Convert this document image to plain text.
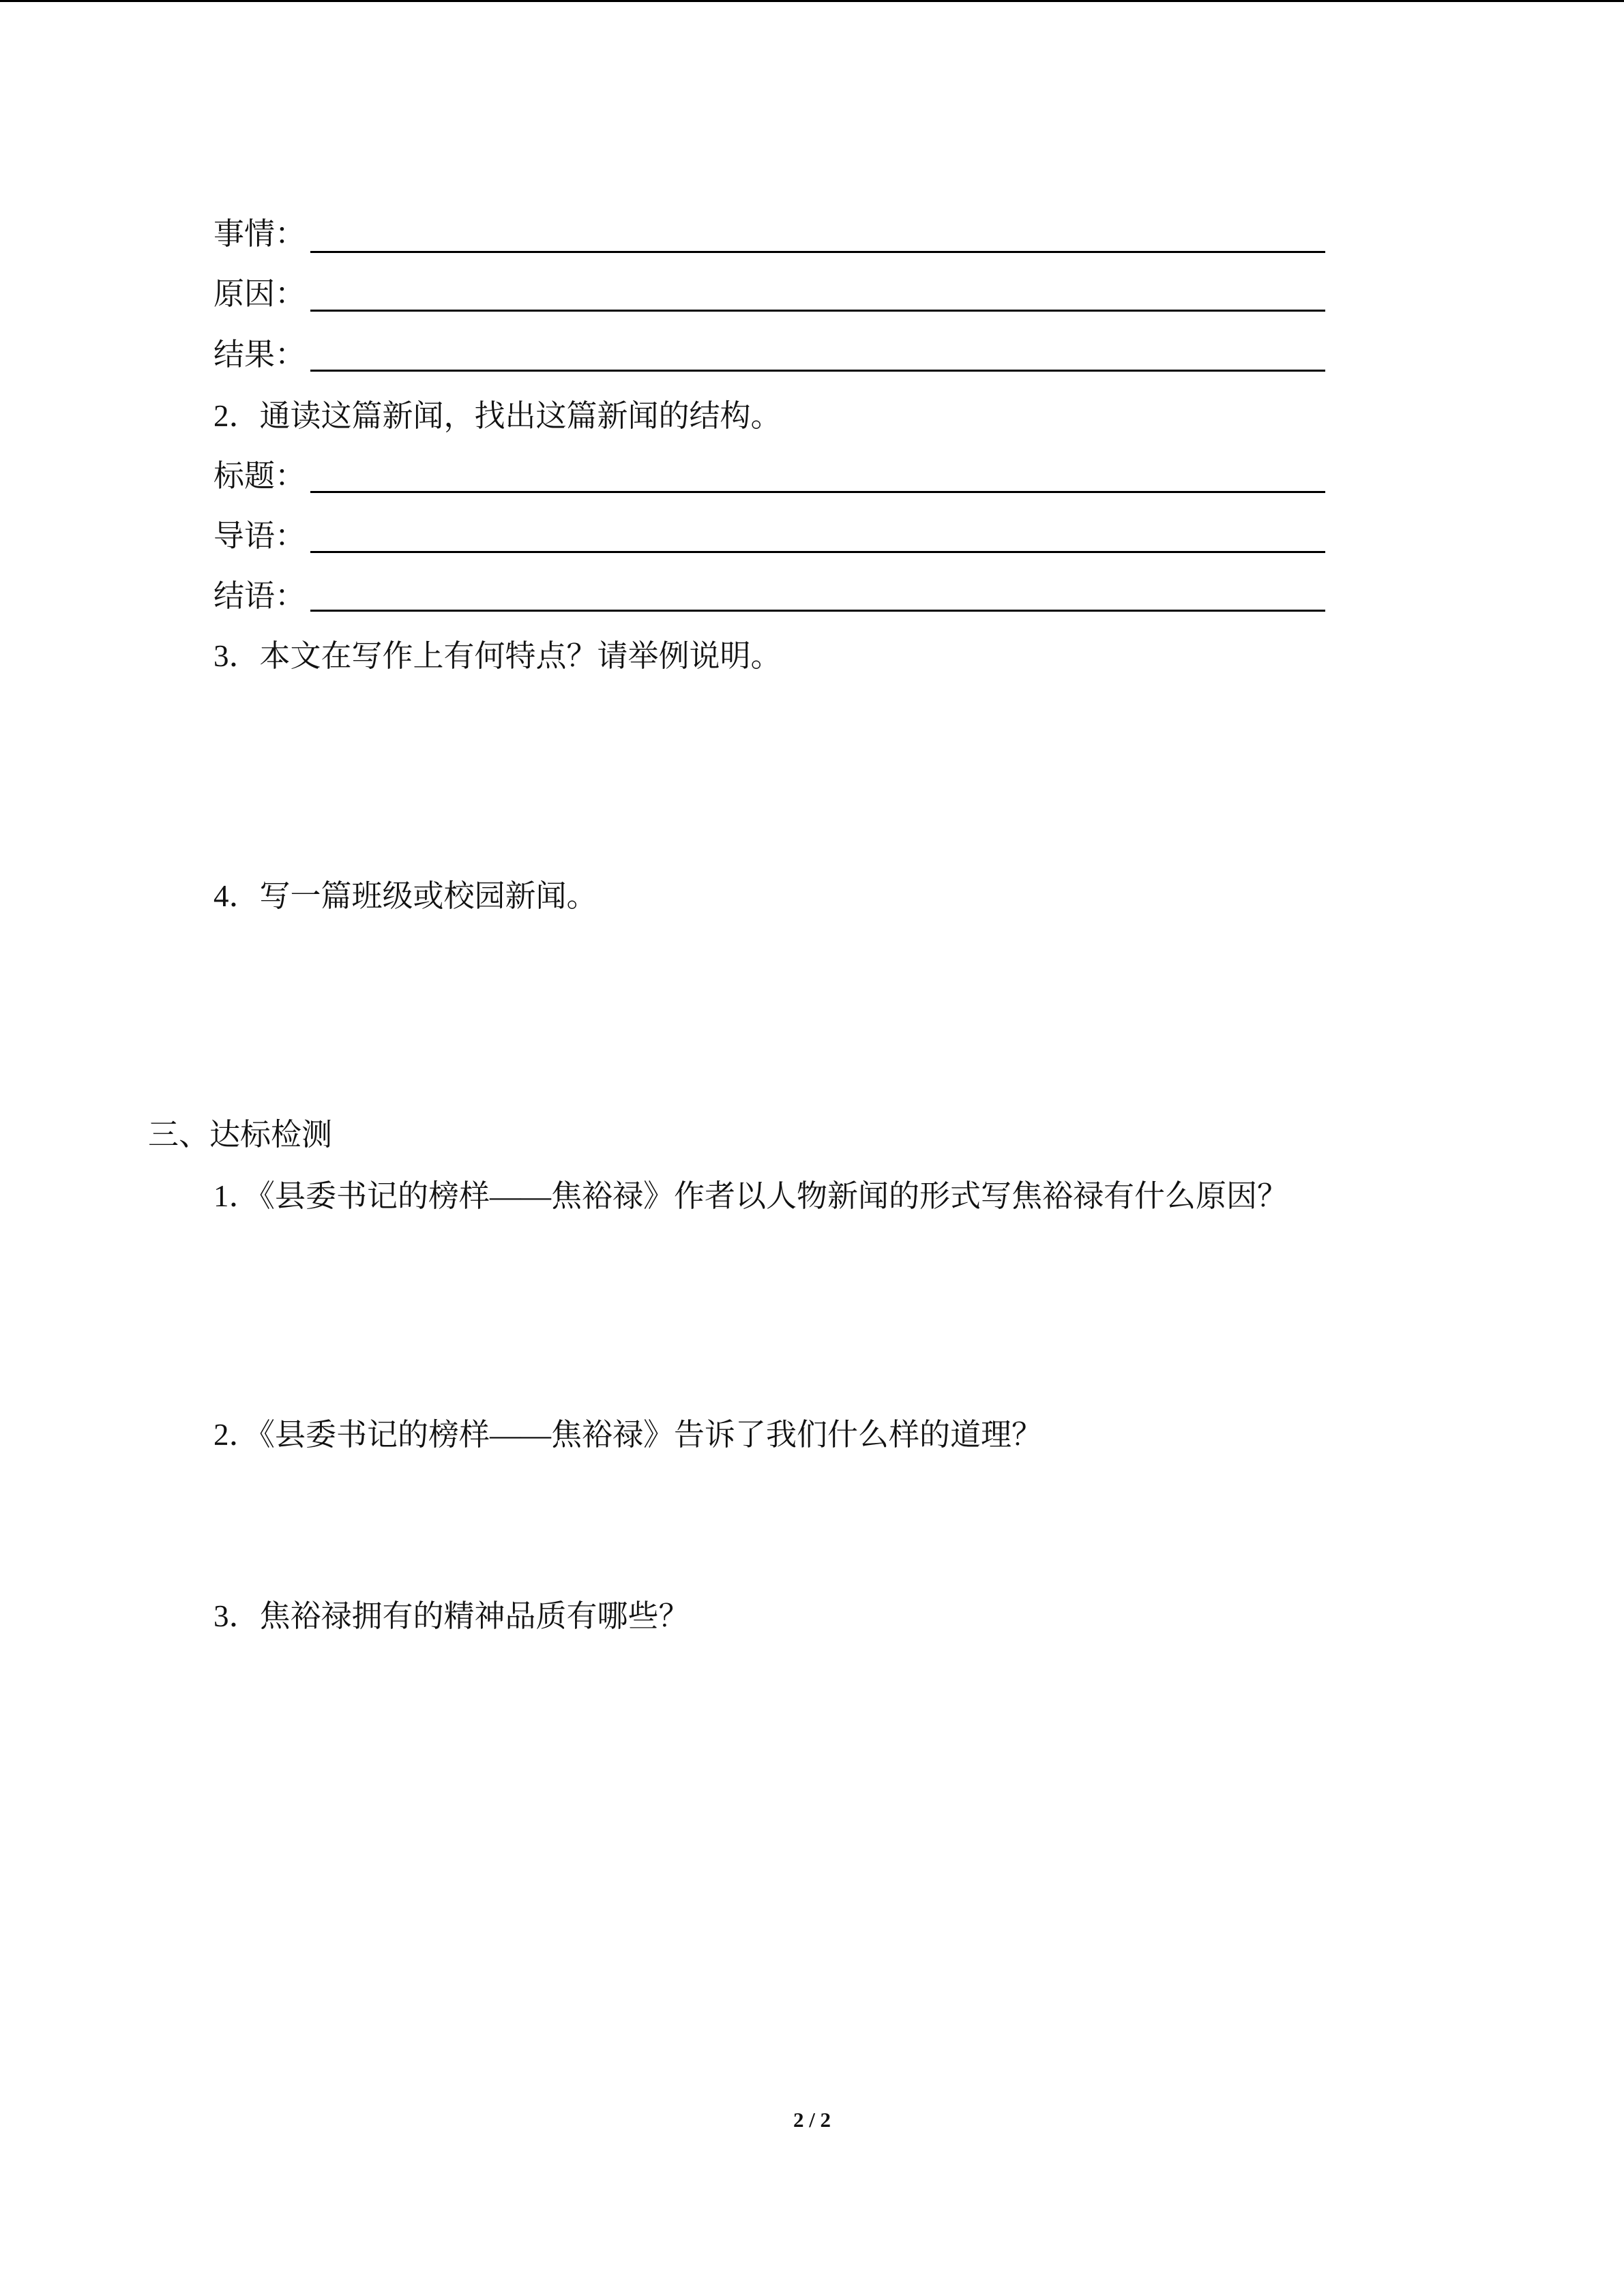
事情：
原因：
结果：
2．通读这篇新闻，找出这篇新闻的结构。
标题：
导语：
结语：
3．本文在写作上有何特点？请举例说明。
4．写一篇班级或校园新闻。
三、达标检测
1．《县委书记的榜样——焦裕禄》作者以人物新闻的形式写焦裕禄有什么原因？
2．《县委书记的榜样——焦裕禄》告诉了我们什么样的道理？
3．焦裕禄拥有的精神品质有哪些？
2 / 2
